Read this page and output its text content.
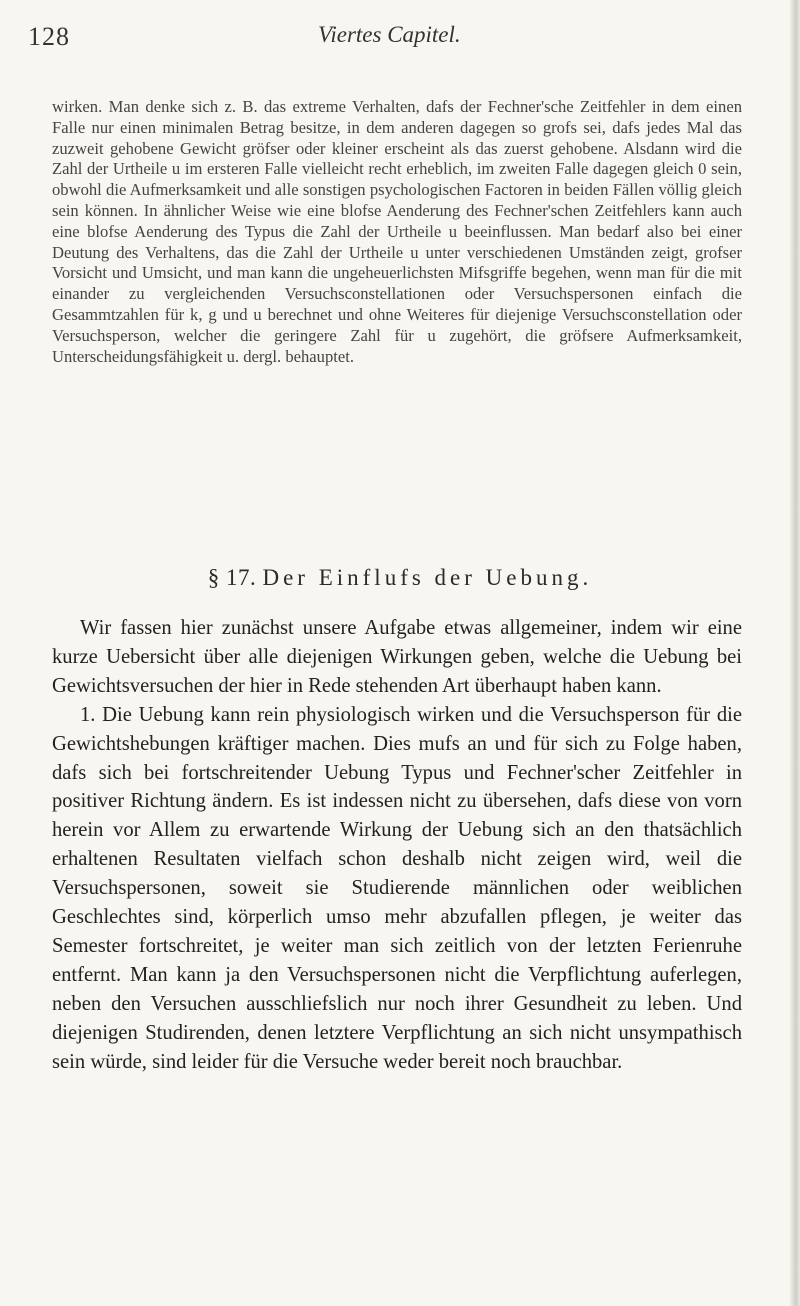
128	Viertes Capitel.

wirken. Man denke sich z. B. das extreme Verhalten, dafs der Fechner'sche Zeitfehler in dem einen Falle nur einen minimalen Betrag besitze, in dem anderen dagegen so grofs sei, dafs jedes Mal das zuzweit gehobene Gewicht gröfser oder kleiner erscheint als das zuerst gehobene. Alsdann wird die Zahl der Urtheile u im ersteren Falle vielleicht recht erheblich, im zweiten Falle dagegen gleich 0 sein, obwohl die Aufmerksamkeit und alle sonstigen psychologischen Factoren in beiden Fällen völlig gleich sein können. In ähnlicher Weise wie eine blofse Aenderung des Fechner'schen Zeitfehlers kann auch eine blofse Aenderung des Typus die Zahl der Urtheile u beeinflussen. Man bedarf also bei einer Deutung des Verhaltens, das die Zahl der Urtheile u unter verschiedenen Umständen zeigt, grofser Vorsicht und Umsicht, und man kann die ungeheuerlichsten Mifsgriffe begehen, wenn man für die mit einander zu vergleichenden Versuchsconstellationen oder Versuchspersonen einfach die Gesammtzahlen für k, g und u berechnet und ohne Weiteres für diejenige Versuchsconstellation oder Versuchsperson, welcher die geringere Zahl für u zugehört, die gröfsere Aufmerksamkeit, Unterscheidungsfähigkeit u. dergl. behauptet.

§ 17. Der Einflufs der Uebung.

Wir fassen hier zunächst unsere Aufgabe etwas allgemeiner, indem wir eine kurze Uebersicht über alle diejenigen Wirkungen geben, welche die Uebung bei Gewichtsversuchen der hier in Rede stehenden Art überhaupt haben kann.

1. Die Uebung kann rein physiologisch wirken und die Versuchsperson für die Gewichtshebungen kräftiger machen. Dies mufs an und für sich zu Folge haben, dafs sich bei fortschreitender Uebung Typus und Fechner'scher Zeitfehler in positiver Richtung ändern. Es ist indessen nicht zu übersehen, dafs diese von vorn herein vor Allem zu erwartende Wirkung der Uebung sich an den thatsächlich erhaltenen Resultaten vielfach schon deshalb nicht zeigen wird, weil die Versuchspersonen, soweit sie Studierende männlichen oder weiblichen Geschlechtes sind, körperlich umso mehr abzufallen pflegen, je weiter das Semester fortschreitet, je weiter man sich zeitlich von der letzten Ferienruhe entfernt. Man kann ja den Versuchspersonen nicht die Verpflichtung auferlegen, neben den Versuchen ausschliefslich nur noch ihrer Gesundheit zu leben. Und diejenigen Studirenden, denen letztere Verpflichtung an sich nicht unsympathisch sein würde, sind leider für die Versuche weder bereit noch brauchbar.
